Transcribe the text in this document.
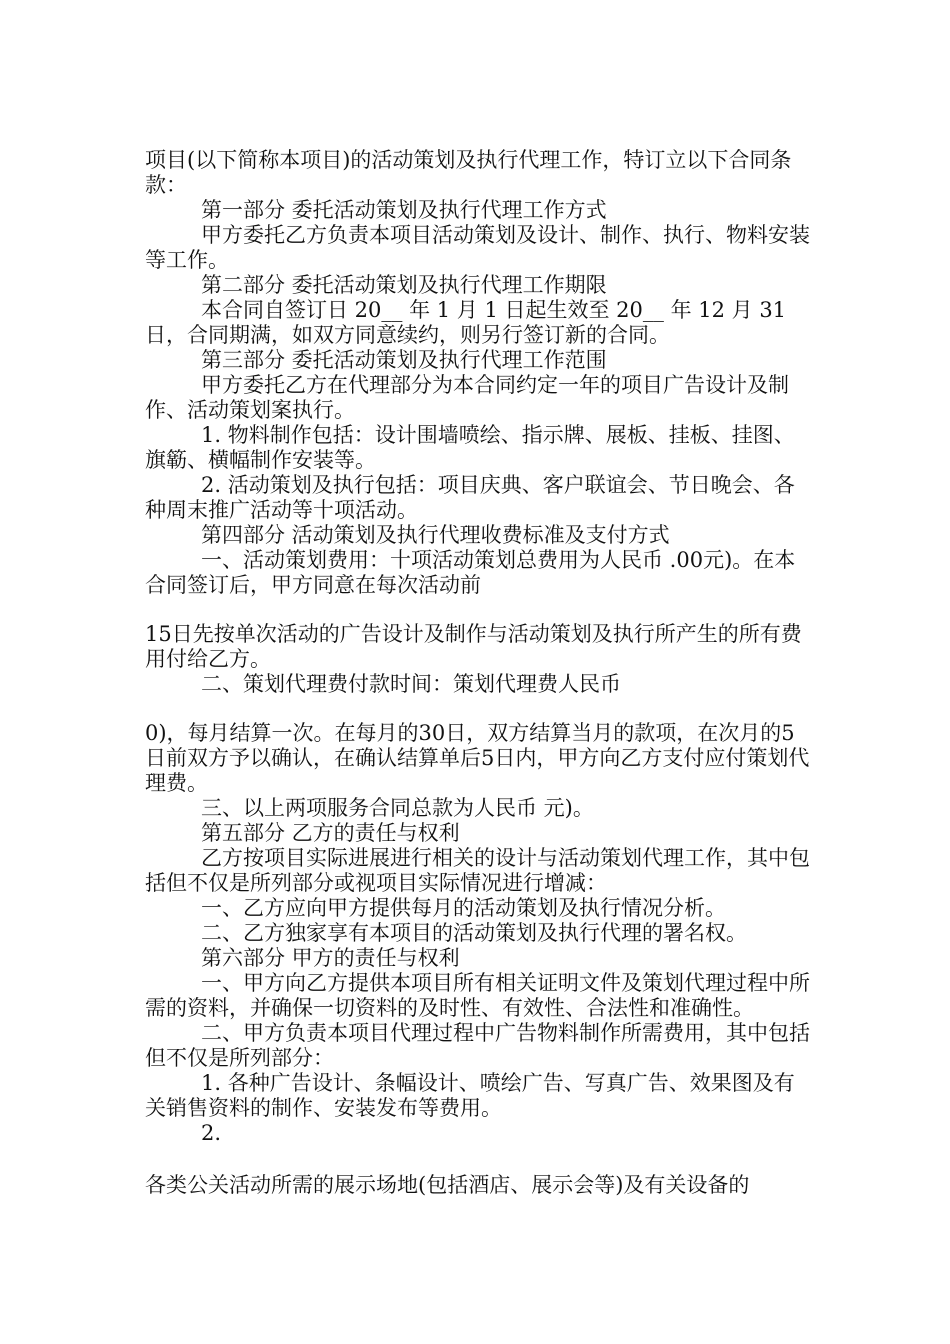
项目(以下简称本项目)的活动策划及执行代理工作，特订立以下合同条款：

第一部分 委托活动策划及执行代理工作方式

甲方委托乙方负责本项目活动策划及设计、制作、执行、物料安装等工作。

第二部分 委托活动策划及执行代理工作期限

本合同自签订日 20__ 年 1 月 1 日起生效至 20__ 年 12 月 31 日，合同期满，如双方同意续约，则另行签订新的合同。

第三部分 委托活动策划及执行代理工作范围

甲方委托乙方在代理部分为本合同约定一年的项目广告设计及制作、活动策划案执行。

1. 物料制作包括：设计围墙喷绘、指示牌、展板、挂板、挂图、旗簕、横幅制作安装等。

2. 活动策划及执行包括：项目庆典、客户联谊会、节日晚会、各种周末推广活动等十项活动。

第四部分 活动策划及执行代理收费标准及支付方式

一、活动策划费用：十项活动策划总费用为人民币 .00元)。在本合同签订后，甲方同意在每次活动前

15日先按单次活动的广告设计及制作与活动策划及执行所产生的所有费用付给乙方。

二、策划代理费付款时间：策划代理费人民币

0)，每月结算一次。在每月的30日，双方结算当月的款项，在次月的5日前双方予以确认，在确认结算单后5日内，甲方向乙方支付应付策划代理费。

三、以上两项服务合同总款为人民币 元)。

第五部分 乙方的责任与权利

乙方按项目实际进展进行相关的设计与活动策划代理工作，其中包括但不仅是所列部分或视项目实际情况进行增减：

一、乙方应向甲方提供每月的活动策划及执行情况分析。

二、乙方独家享有本项目的活动策划及执行代理的署名权。

第六部分 甲方的责任与权利

一、甲方向乙方提供本项目所有相关证明文件及策划代理过程中所需的资料，并确保一切资料的及时性、有效性、合法性和准确性。

二、甲方负责本项目代理过程中广告物料制作所需费用，其中包括但不仅是所列部分：

1. 各种广告设计、条幅设计、喷绘广告、写真广告、效果图及有关销售资料的制作、安装发布等费用。

2.

各类公关活动所需的展示场地(包括酒店、展示会等)及有关设备的
